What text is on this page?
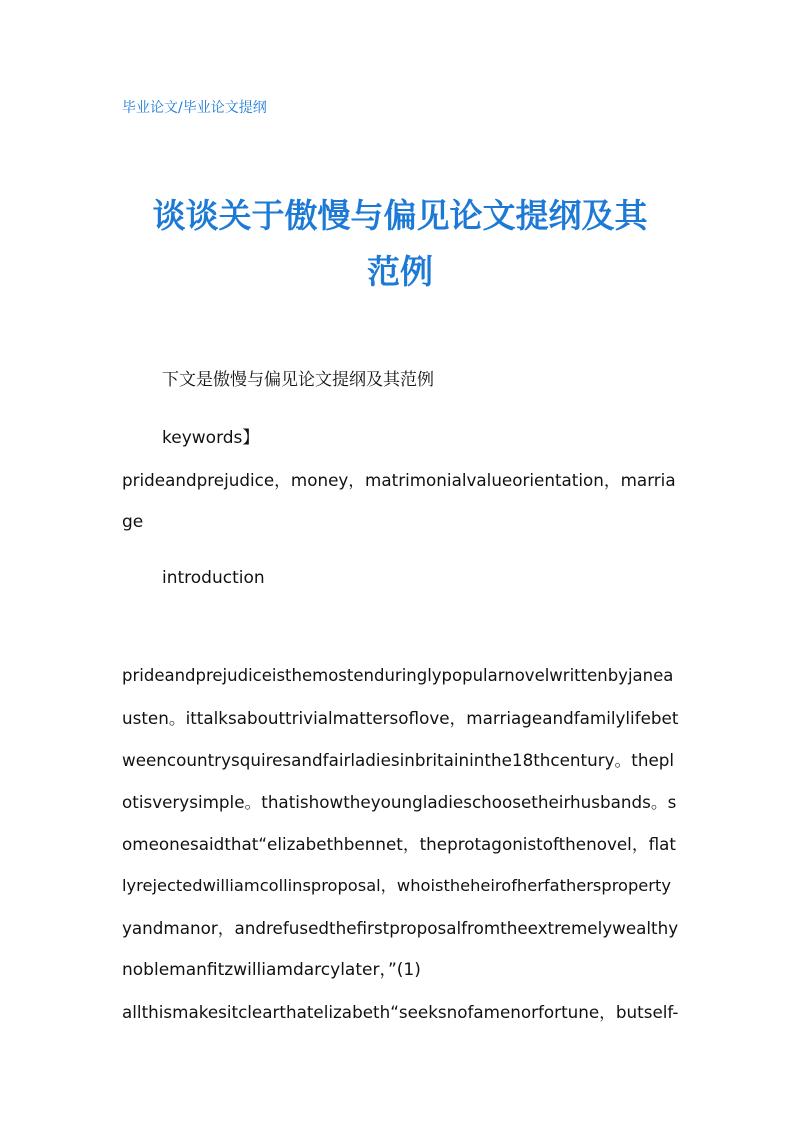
毕业论文/毕业论文提纲
谈谈关于傲慢与偏见论文提纲及其
范例
下文是傲慢与偏见论文提纲及其范例
keywords】
prideandprejudice，money，matrimonialvalueorientation，marria
ge
introduction
prideandprejudiceisthemostenduringlypopularnovelwrittenbyjanea
usten。ittalksabouttrivialmattersoflove，marriageandfamilylifebet
weencountrysquiresandfairladiesinbritaininthe18thcentury。thepl
otisverysimple。thatishowtheyoungladieschoosetheirhusbands。s
omeonesaidthat“elizabethbennet，theprotagonistofthenovel，flat
lyrejectedwilliamcollinsproposal，whoistheheirofherfathersproperty
yandmanor，andrefusedthefirstproposalfromtheextremelywealthy
noblemanfitzwilliamdarcylater，”(1)
allthismakesitclearthatelizabeth“seeksnofamenorfortune，butself-
